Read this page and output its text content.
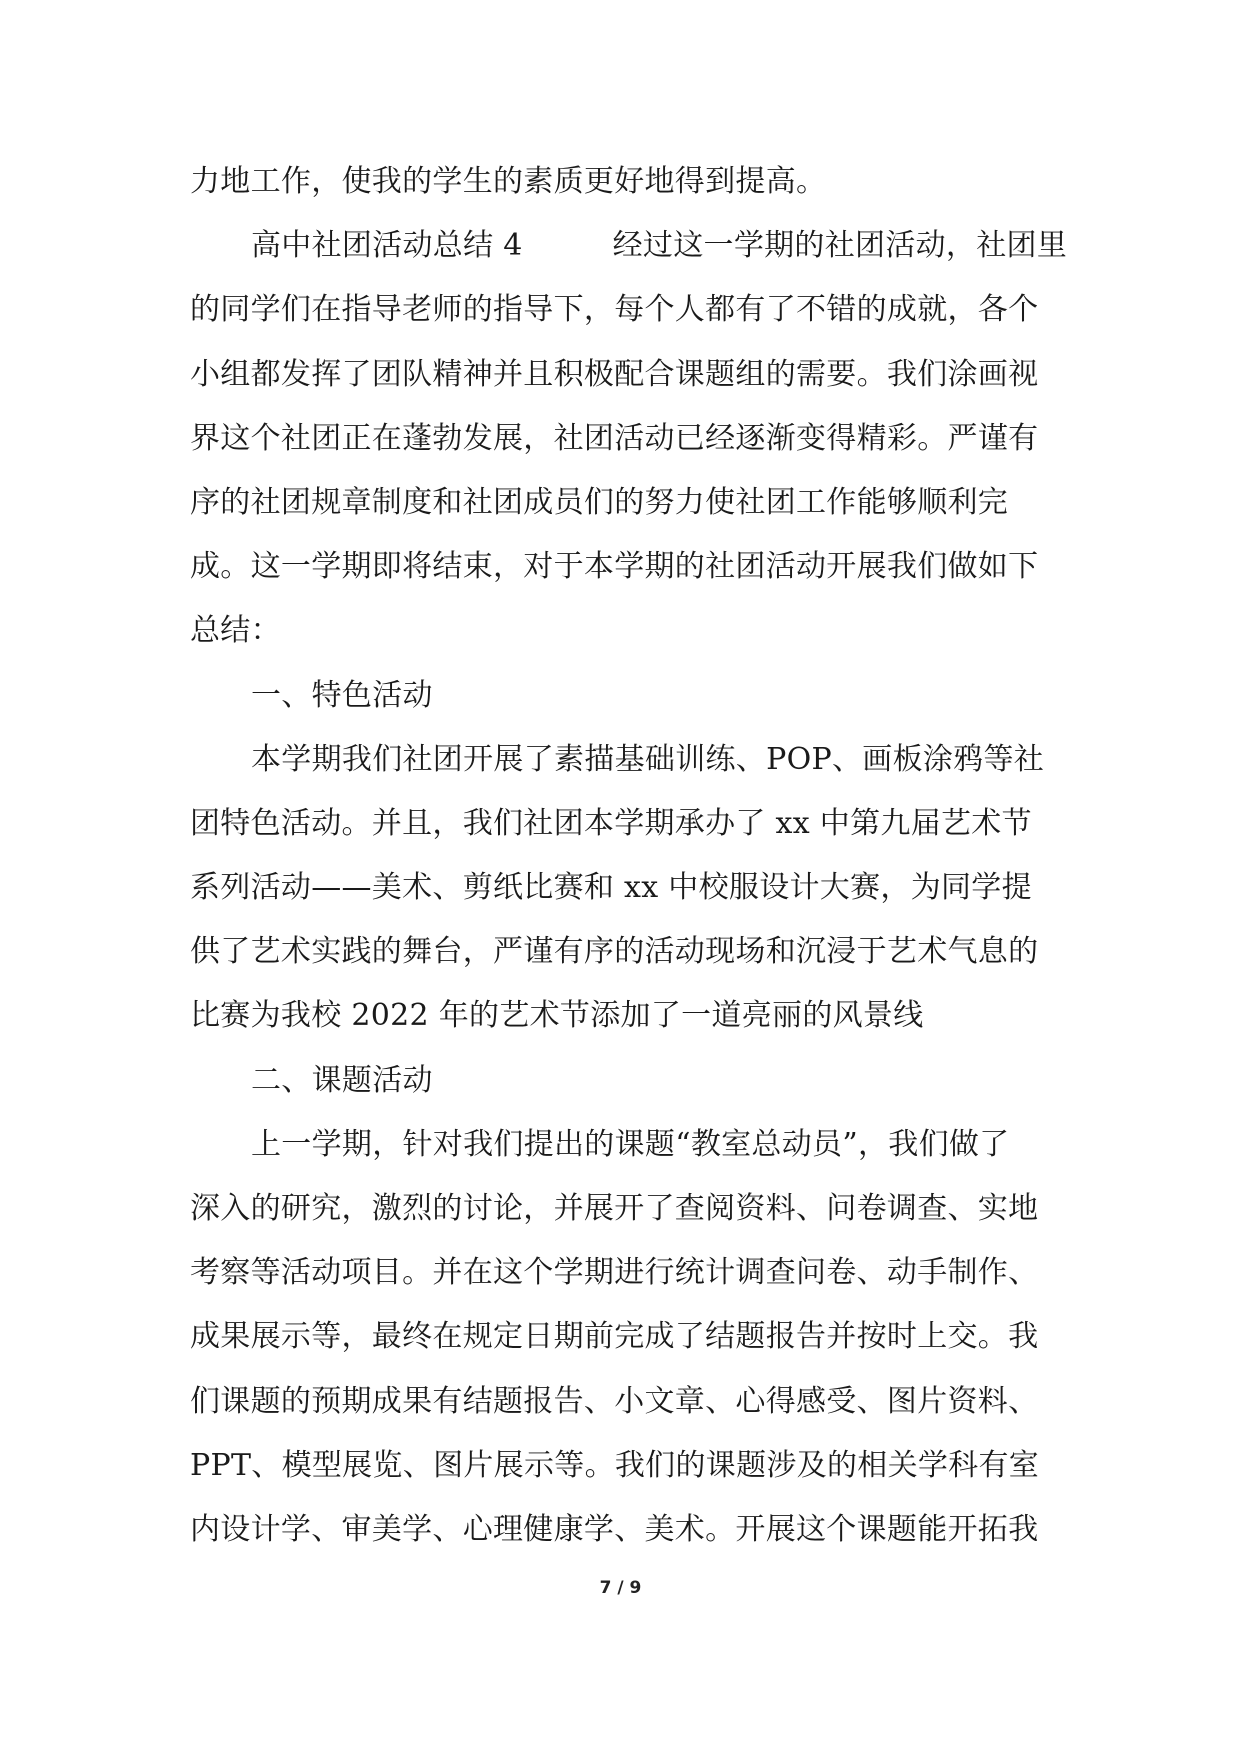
力地工作，使我的学生的素质更好地得到提高。
高中社团活动总结 4	经过这一学期的社团活动，社团里
的同学们在指导老师的指导下，每个人都有了不错的成就，各个
小组都发挥了团队精神并且积极配合课题组的需要。我们涂画视
界这个社团正在蓬勃发展，社团活动已经逐渐变得精彩。严谨有
序的社团规章制度和社团成员们的努力使社团工作能够顺利完
成。这一学期即将结束，对于本学期的社团活动开展我们做如下
总结：
一、特色活动
本学期我们社团开展了素描基础训练、POP、画板涂鸦等社
团特色活动。并且，我们社团本学期承办了 xx 中第九届艺术节
系列活动——美术、剪纸比赛和 xx 中校服设计大赛，为同学提
供了艺术实践的舞台，严谨有序的活动现场和沉浸于艺术气息的
比赛为我校 2022 年的艺术节添加了一道亮丽的风景线
二、课题活动
上一学期，针对我们提出的课题“教室总动员”，我们做了
深入的研究，激烈的讨论，并展开了查阅资料、问卷调查、实地
考察等活动项目。并在这个学期进行统计调查问卷、动手制作、
成果展示等，最终在规定日期前完成了结题报告并按时上交。我
们课题的预期成果有结题报告、小文章、心得感受、图片资料、
PPT、模型展览、图片展示等。我们的课题涉及的相关学科有室
内设计学、审美学、心理健康学、美术。开展这个课题能开拓我
7 / 9
